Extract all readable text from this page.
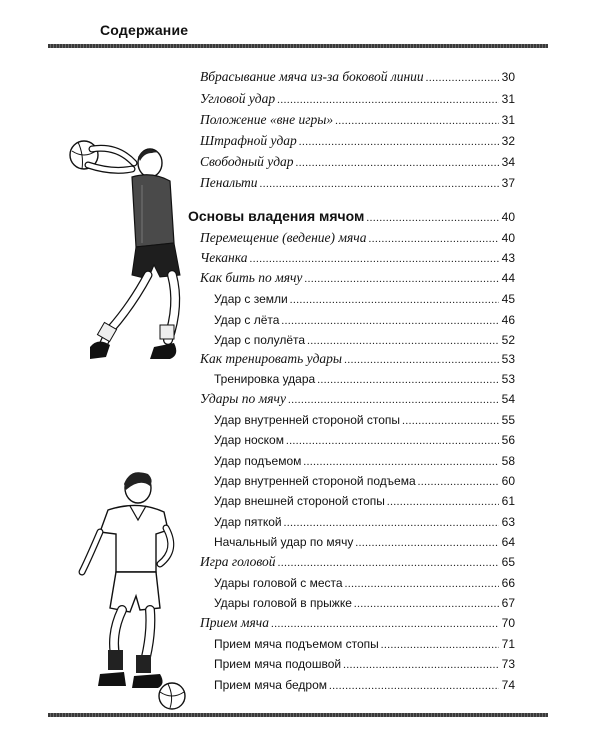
Содержание
Вбрасывание мяча из-за боковой линии .....	30
Угловой удар .....	31
Положение «вне игры» .....	31
Штрафной удар .....	32
Свободный удар .....	34
Пенальти .....	37
Основы владения мячом .....	40
Перемещение (ведение) мяча .....	40
Чеканка .....	43
Как бить по мячу .....	44
Удар с земли .....	45
Удар с лёта .....	46
Удар с полулёта .....	52
Как тренировать удары .....	53
Тренировка удара .....	53
Удары по мячу .....	54
Удар внутренней стороной стопы .....	55
Удар носком .....	56
Удар подъемом .....	58
Удар внутренней стороной подъема .....	60
Удар внешней стороной стопы .....	61
Удар пяткой .....	63
Начальный удар по мячу .....	64
Игра головой .....	65
Удары головой с места .....	66
Удары головой в прыжке .....	67
Прием мяча .....	70
Прием мяча подъемом стопы .....	71
Прием мяча подошвой .....	73
Прием мяча бедром .....	74
